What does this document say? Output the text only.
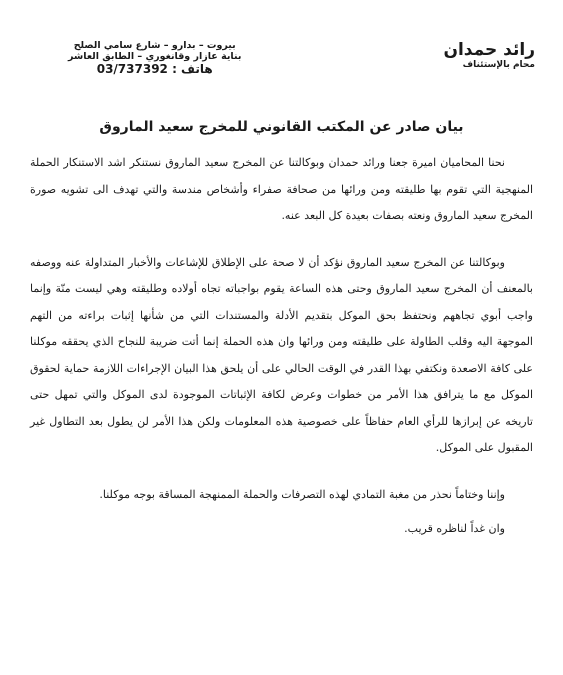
رائد حمدان
محام بالإستئناف
بيروت – بدارو – شارع سامي الصلح
بناية عازار وقانغوري – الطابق العاشر
هاتف : 03/737392
بيان صادر عن المكتب القانوني للمخرج سعيد الماروق

نحنا المحاميان اميرة جعنا ورائد حمدان وبوكالتنا عن المخرج سعيد الماروق نستنكر اشد الاستنكار الحملة المنهجية التي تقوم بها طليقته ومن ورائها من صحافة صفراء وأشخاص مندسة والتي تهدف الى تشويه صورة المخرج سعيد الماروق ونعته بصفات بعيدة كل البعد عنه.

وبوكالتنا عن المخرج سعيد الماروق نؤكد أن لا صحة على الإطلاق للإشاعات والأخبار المتداولة عنه ووصفه بالمعنف أن المخرج سعيد الماروق وحتى هذه الساعة يقوم بواجباته تجاه أولاده وطليقته وهي ليست منّة وإنما واجب أبوي تجاههم ونحتفظ بحق الموكل بتقديم الأدلة والمستندات التي من شأنها إثبات براءته من التهم الموجهة اليه وقلب الطاولة على طليقته ومن ورائها وان هذه الحملة إنما أتت ضريبة للنجاح الذي يحققه موكلنا على كافة الاصعدة ونكتفي بهذا القدر في الوقت الحالي على أن يلحق هذا البيان الإجراءات اللازمة حماية لحقوق الموكل مع ما يترافق هذا الأمر من خطوات وعرض لكافة الإثباتات الموجودة لدى الموكل والتي تمهل حتى تاريخه عن إبرازها للرأي العام حفاظاً على خصوصية هذه المعلومات ولكن هذا الأمر لن يطول بعد التطاول غير المقبول على الموكل.

وإننا وختاماً نحذر من مغبة التمادي لهذه التصرفات والحملة الممنهجة المساقة بوجه موكلنا.

وان غداً لناظره قريب.
